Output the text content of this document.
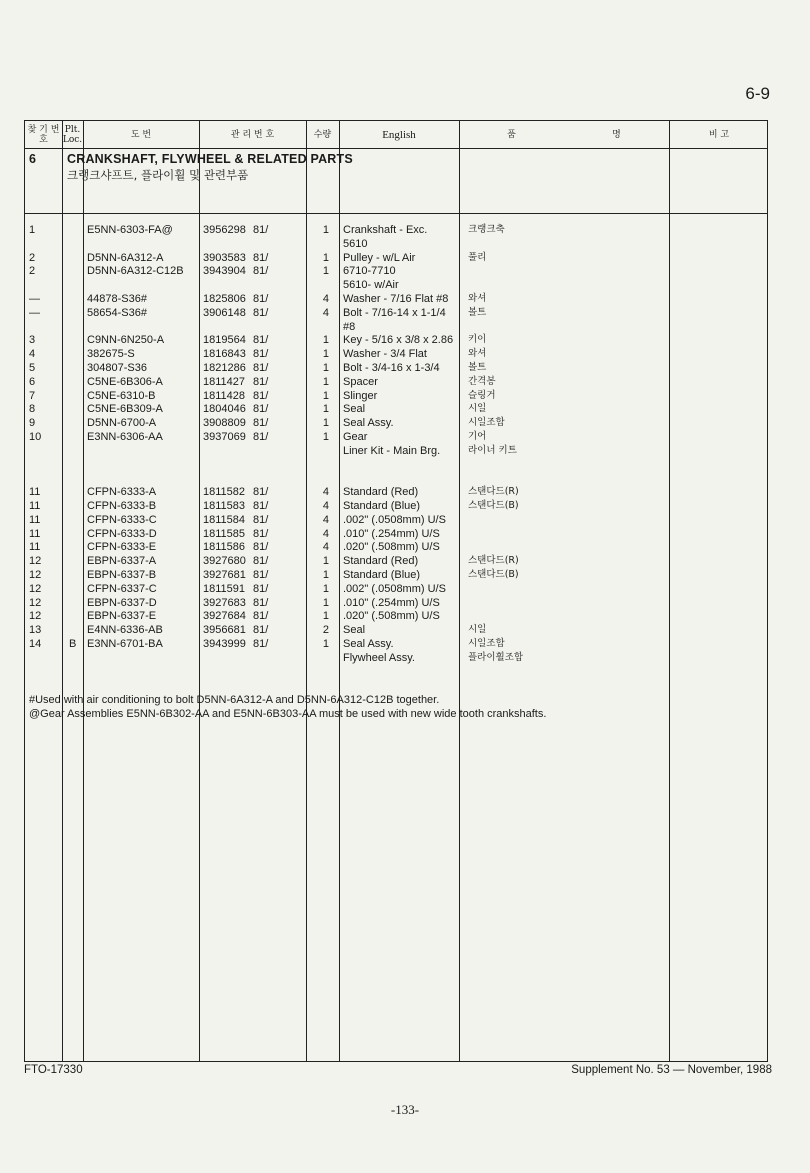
6-9
찾 기 번 호
Plt. Loc.	도 번	관 리 번 호	수량	English	품	명	비 고
6 CRANKSHAFT, FLYWHEEL & RELATED PARTS
크랭크샤프트, 플라이휠 및 관련부품
1	E5NN-6303-FA@	3956298 81/	1 Crankshaft - Exc.	크랭크축
5610
2	D5NN-6A312-A	3903583 81/	1 Pulley - w/L Air	풀리
2	D5NN-6A312-C12B 3943904 81/	1 6710-7710
5610- w/Air
—	44878-S36#	1825806 81/	4 Washer - 7/16 Flat #8 와셔
—	58654-S36#	3906148 81/	4 Bolt - 7/16-14 x 1-1/4 볼트
#8
3	C9NN-6N250-A	1819564 81/	1 Key - 5/16 x 3/8 x 2.86 키이
4	382675-S	1816843 81/	1 Washer - 3/4 Flat	와셔
5	304807-S36	1821286 81/	1 Bolt - 3/4-16 x 1-3/4	볼트
6	C5NE-6B306-A	1811427 81/	1 Spacer	간격봉
7	C5NE-6310-B	1811428 81/	1 Slinger	슬링거
8	C5NE-6B309-A	1804046 81/	1 Seal	시일
9	D5NN-6700-A	3908809 81/	1 Seal Assy.	시일조합
10	E3NN-6306-AA	3937069 81/	1 Gear	기어
Liner Kit - Main Brg.	라이너 키트
11	CFPN-6333-A	1811582 81/	4 Standard (Red)	스탠다드(R)
11	CFPN-6333-B	1811583 81/	4 Standard (Blue)	스탠다드(B)
11	CFPN-6333-C	1811584 81/	4 .002" (.0508mm) U/S
11	CFPN-6333-D	1811585 81/	4 .010" (.254mm) U/S
11	CFPN-6333-E	1811586 81/	4 .020" (.508mm) U/S
12	EBPN-6337-A	3927680 81/	1 Standard (Red)	스탠다드(R)
12	EBPN-6337-B	3927681 81/	1 Standard (Blue)	스탠다드(B)
12	CFPN-6337-C	1811591 81/	1 .002" (.0508mm) U/S
12	EBPN-6337-D	3927683 81/	1 .010" (.254mm) U/S
12	EBPN-6337-E	3927684 81/	1 .020" (.508mm) U/S
13	E4NN-6336-AB	3956681 81/	2 Seal	시일
14	B E3NN-6701-BA	3943999 81/	1 Seal Assy.	시일조합
Flywheel Assy.	플라이휠조합
#Used with air conditioning to bolt D5NN-6A312-A and D5NN-6A312-C12B together.
@Gear Assemblies E5NN-6B302-AA and E5NN-6B303-AA must be used with new wide tooth crankshafts.
FTO-17330	Supplement No. 53 — November, 1988
-133-
